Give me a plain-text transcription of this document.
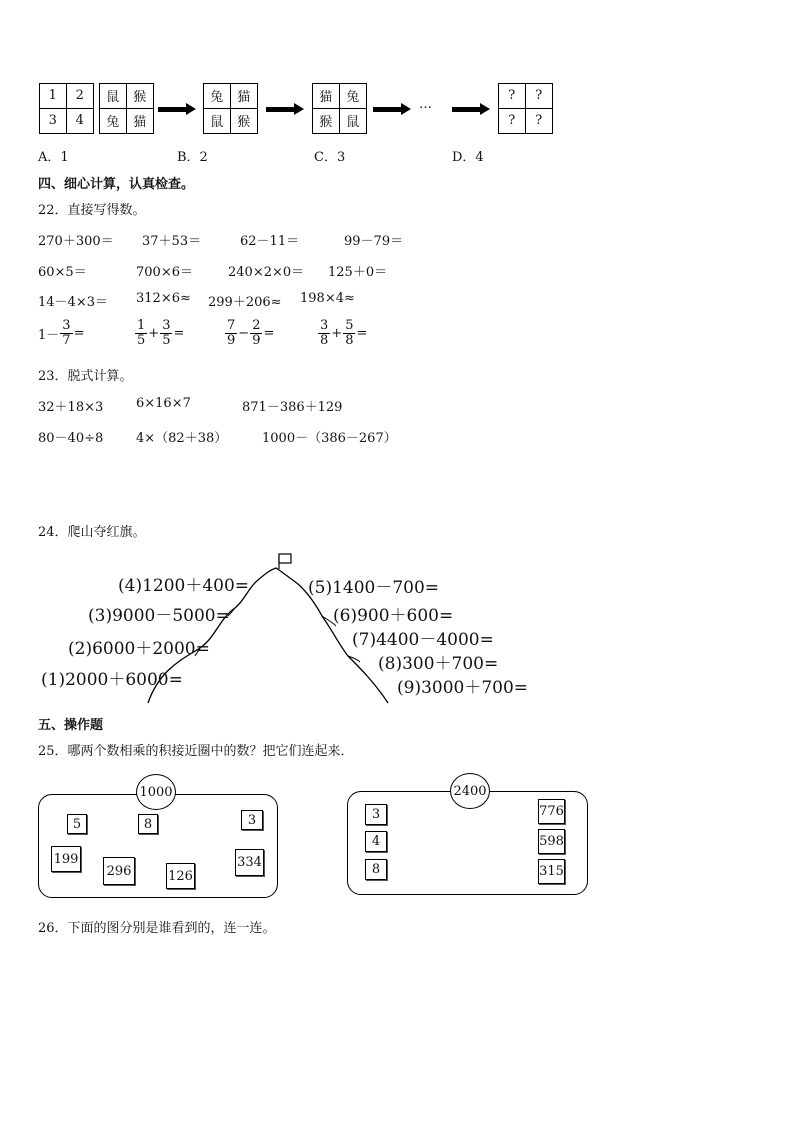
1	2
3	4
鼠	猴
兔	猫
兔	猫
鼠	猴
猫	兔
猴	鼠
…
?	?
?	?
A．1	B．2	C．3	D．4
四、细心计算，认真检查。
22．直接写得数。
270＋300＝ 37＋53＝	62－11＝	99－79＝
60×5＝	700×6＝	240×2×0＝ 125＋0＝
14－4×3＝ 312×6≈ 299＋206≈ 198×4≈
$1- \frac{3}{7}$ =	$\frac{1}{5} + \frac{3}{5}$ =	$\frac{7}{9} - \frac{2}{9}$ =	$\frac{3}{8} + \frac{5}{8}$ =
23．脱式计算。
32＋18×3	6×16×7	871－386＋129
80－40÷8	4×（82＋38）	1000－（386－267）
24．爬山夺红旗。
(4)1200＋400=
(3)9000－5000=
(2)6000＋2000=
(1)2000＋6000=
(5)1400－700=
(6)900＋600=
(7)4400－4000=
(8)300＋700=
(9)3000＋700=
五、操作题
25．哪两个数相乘的积接近圈中的数？把它们连起来．
1000
5	8	3
199
296	126
334
2400
3
4
8
776
598
315
26．下面的图分别是谁看到的，连一连。
